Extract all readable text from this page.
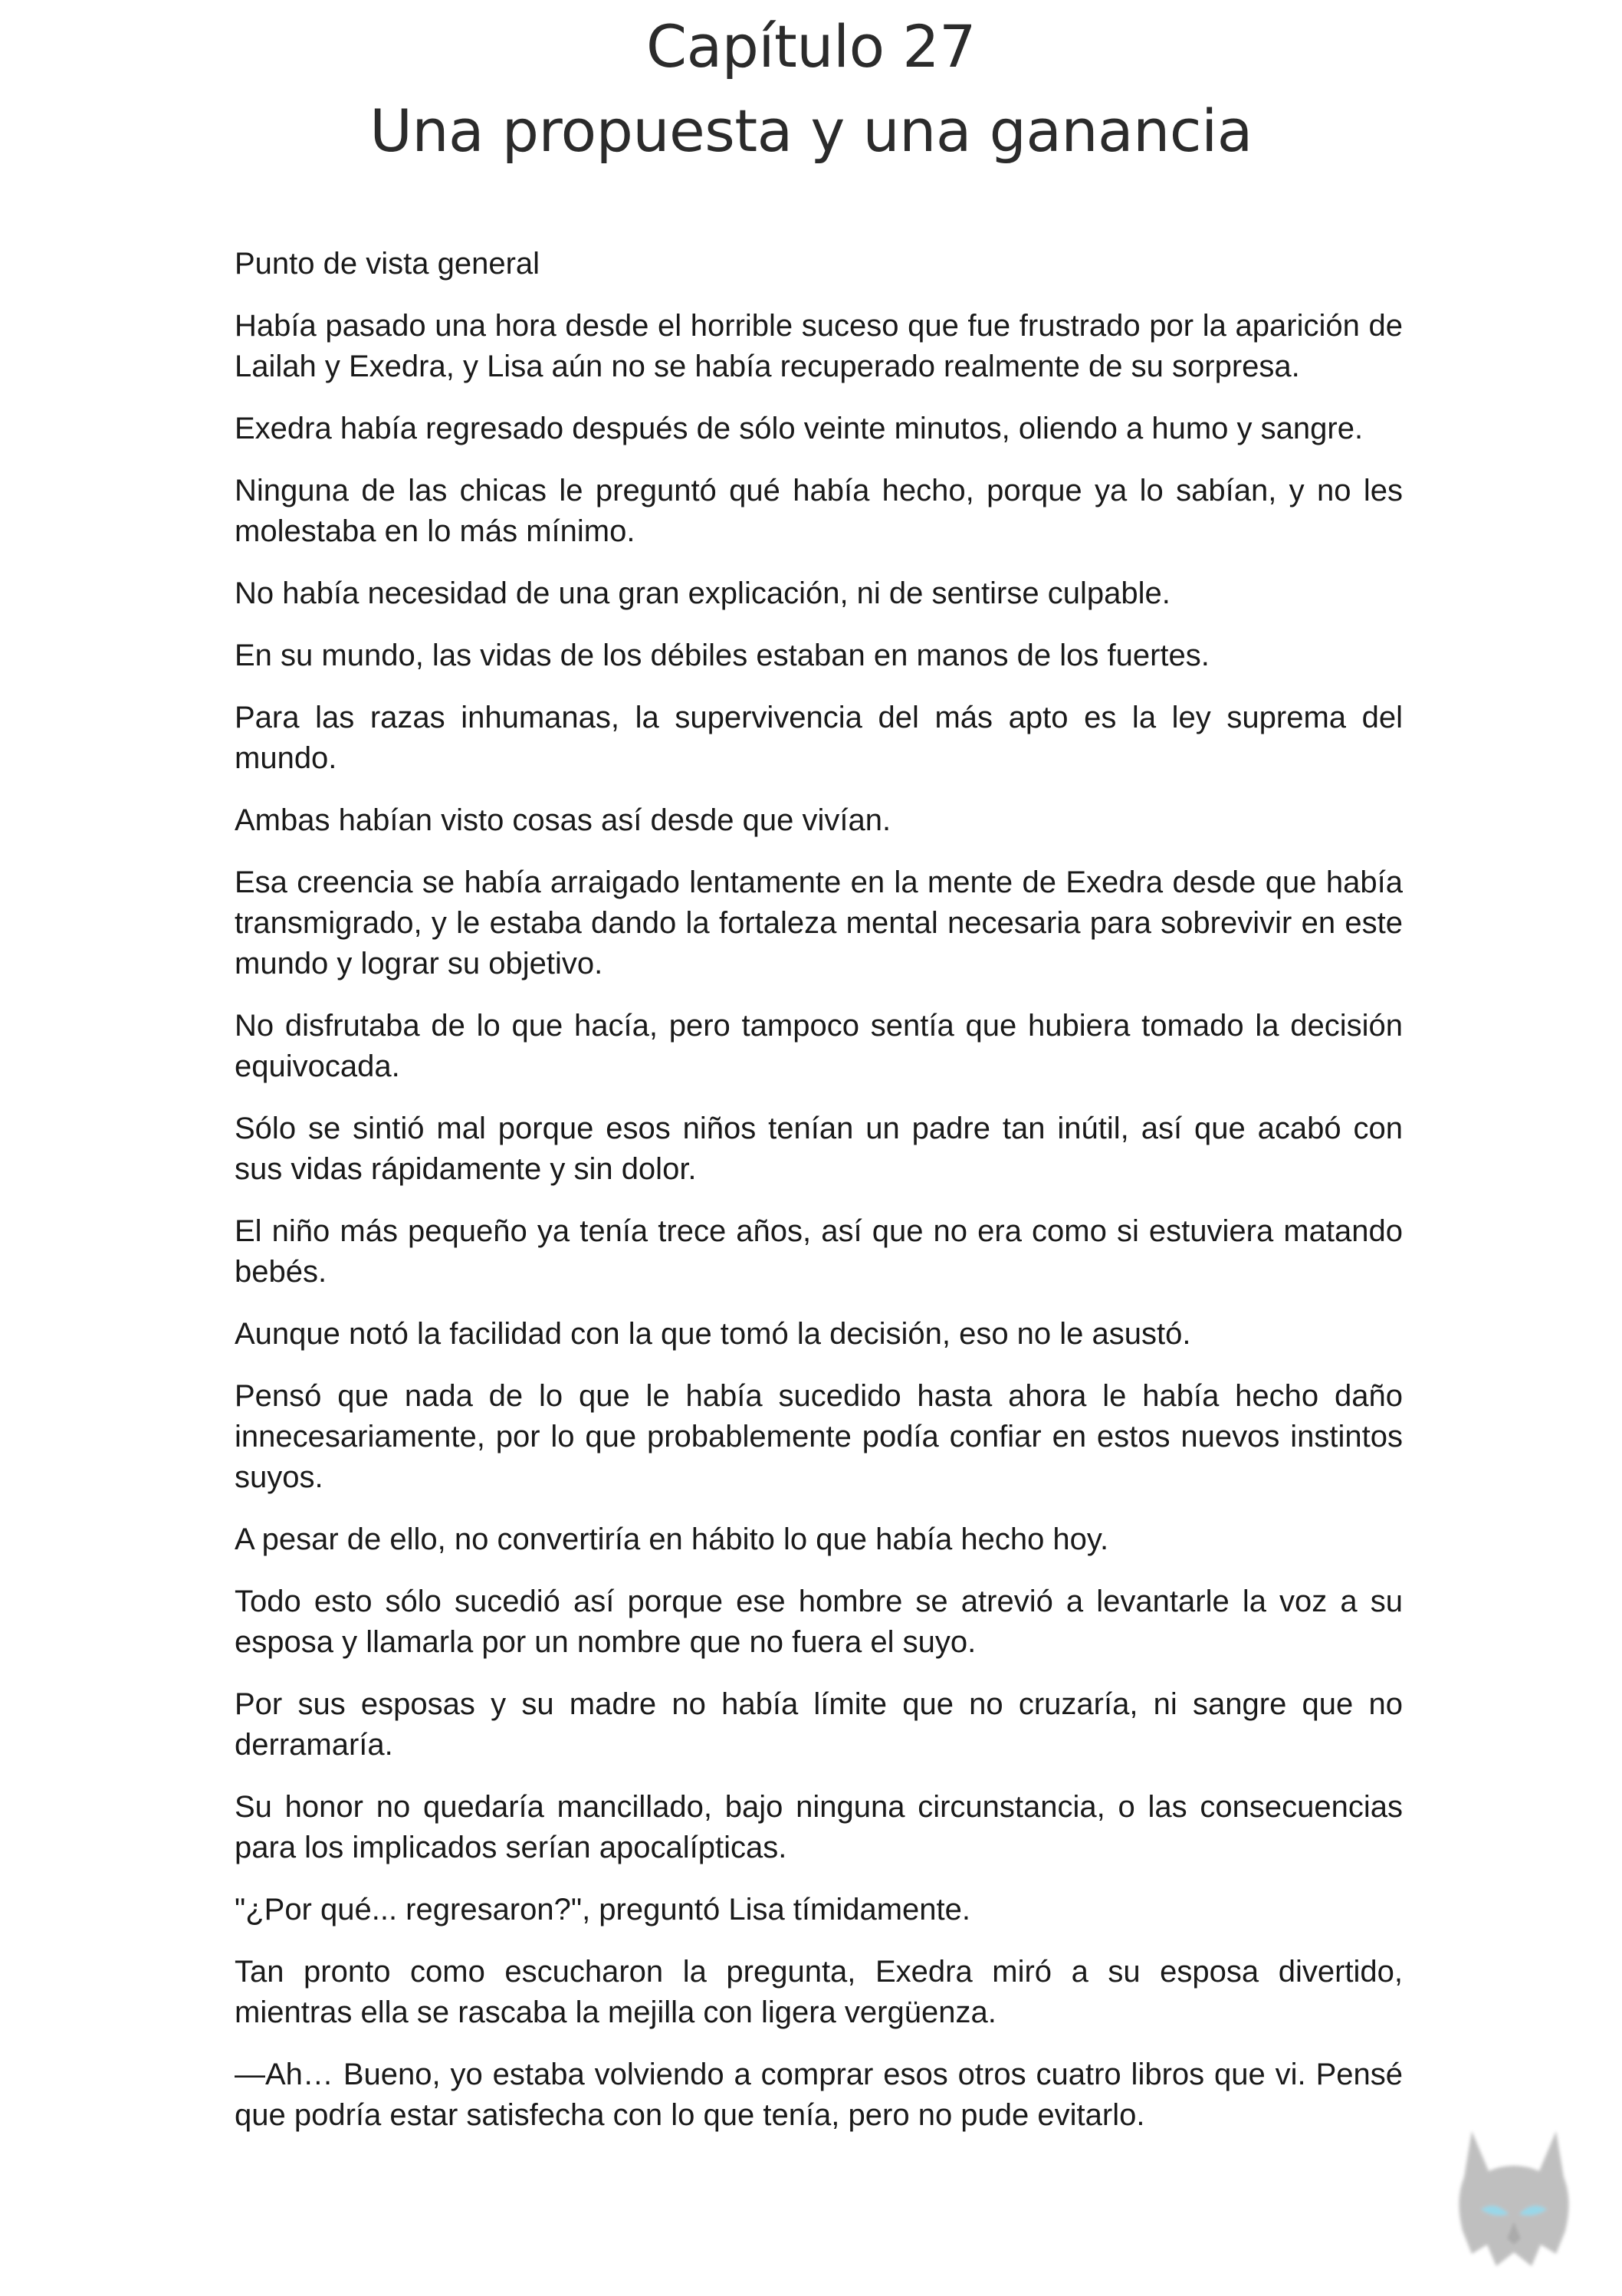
Capítulo 27
Una propuesta y una ganancia

Punto de vista general

Había pasado una hora desde el horrible suceso que fue frustrado por la aparición de Lailah y Exedra, y Lisa aún no se había recuperado realmente de su sorpresa.

Exedra había regresado después de sólo veinte minutos, oliendo a humo y sangre.

Ninguna de las chicas le preguntó qué había hecho, porque ya lo sabían, y no les molestaba en lo más mínimo.

No había necesidad de una gran explicación, ni de sentirse culpable.

En su mundo, las vidas de los débiles estaban en manos de los fuertes.

Para las razas inhumanas, la supervivencia del más apto es la ley suprema del mundo.

Ambas habían visto cosas así desde que vivían.

Esa creencia se había arraigado lentamente en la mente de Exedra desde que había transmigrado, y le estaba dando la fortaleza mental necesaria para sobrevivir en este mundo y lograr su objetivo.

No disfrutaba de lo que hacía, pero tampoco sentía que hubiera tomado la decisión equivocada.

Sólo se sintió mal porque esos niños tenían un padre tan inútil, así que acabó con sus vidas rápidamente y sin dolor.

El niño más pequeño ya tenía trece años, así que no era como si estuviera matando bebés.

Aunque notó la facilidad con la que tomó la decisión, eso no le asustó.

Pensó que nada de lo que le había sucedido hasta ahora le había hecho daño innecesariamente, por lo que probablemente podía confiar en estos nuevos instintos suyos.

A pesar de ello, no convertiría en hábito lo que había hecho hoy.

Todo esto sólo sucedió así porque ese hombre se atrevió a levantarle la voz a su esposa y llamarla por un nombre que no fuera el suyo.

Por sus esposas y su madre no había límite que no cruzaría, ni sangre que no derramaría.

Su honor no quedaría mancillado, bajo ninguna circunstancia, o las consecuencias para los implicados serían apocalípticas.

"¿Por qué... regresaron?", preguntó Lisa tímidamente.

Tan pronto como escucharon la pregunta, Exedra miró a su esposa divertido, mientras ella se rascaba la mejilla con ligera vergüenza.

—Ah… Bueno, yo estaba volviendo a comprar esos otros cuatro libros que vi. Pensé que podría estar satisfecha con lo que tenía, pero no pude evitarlo.
